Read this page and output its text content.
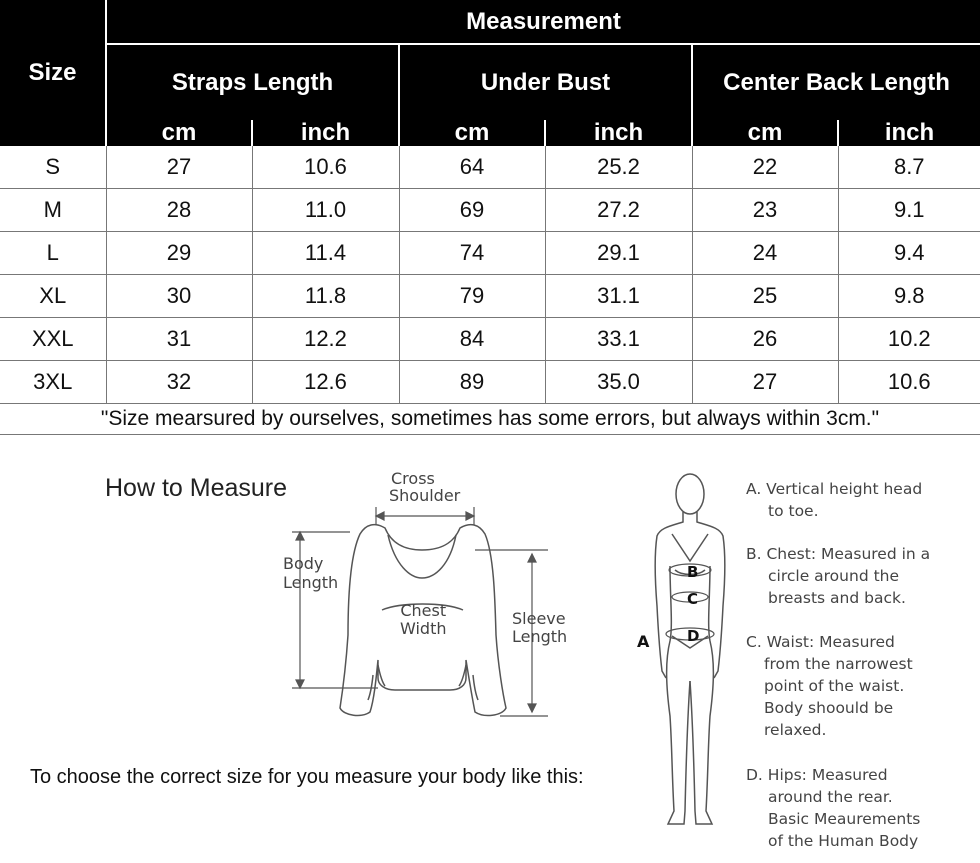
Size	Measurement					
	Straps Length		Under Bust		Center Back Length	
	cm	inch	cm	inch	cm	inch
S	27	10.6	64	25.2	22	8.7
M	28	11.0	69	27.2	23	9.1
L	29	11.4	74	29.1	24	9.4
XL	30	11.8	79	31.1	25	9.8
XXL	31	12.2	84	33.1	26	10.2
3XL	32	12.6	89	35.0	27	10.6
"Size mearsured by ourselves, sometimes has some errors, but always within 3cm."						
How to Measure
To choose the correct size for you measure your body like this:
Cross
Shoulder
Body
Length
Chest
Width
Sleeve
Length	A
B
C
D
A. Vertical height head
to toe.
B. Chest: Measured in a
circle around the
breasts and back.
C. Waist: Measured
from the narrowest
point of the waist.
Body shoould be
relaxed.
D. Hips: Measured
around the rear.
Basic Meaurements
of the Human Body
